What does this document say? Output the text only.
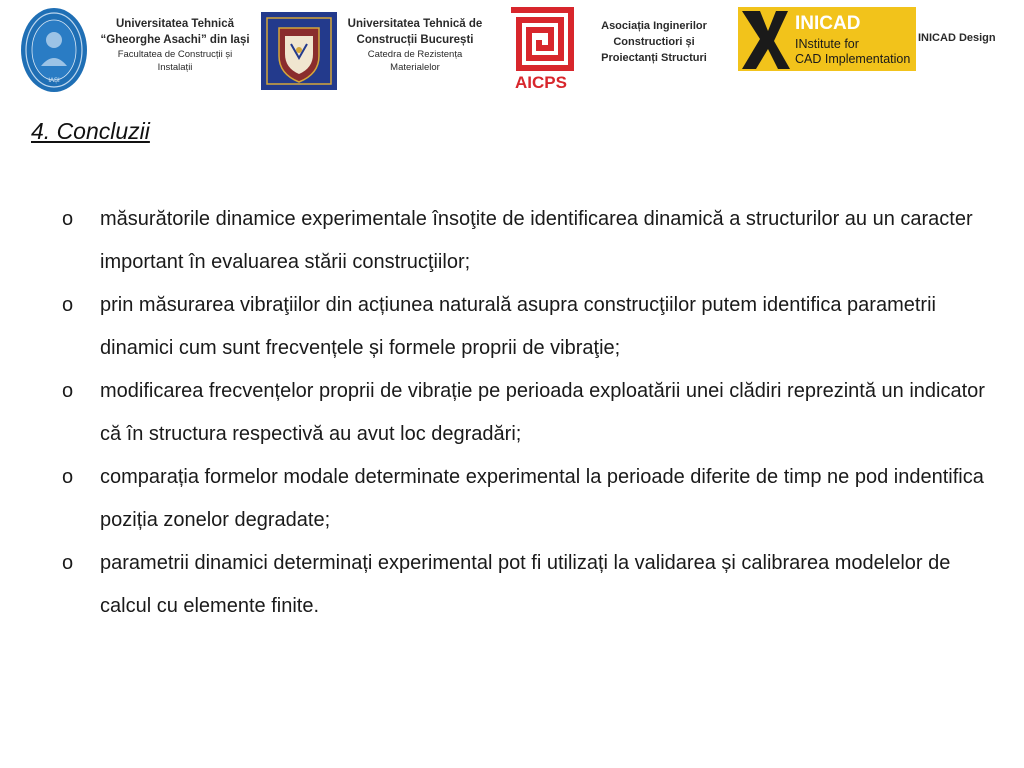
IAȘI
Universitatea Tehnică
“Gheorghe Asachi” din Iași
Facultatea de Construcții și
Instalații
Universitatea Tehnică de
Construcții București
Catedra de Rezistența
Materialelor
AICPS
Asociația Inginerilor
Constructiori și
Proiectanți Structuri
INICAD
INstitute for
CAD Implementation
INICAD Design
4. Concluzii
o măsurătorile dinamice experimentale însoţite de identificarea dinamică a structurilor au un caracter important în evaluarea stării construcţiilor;
o prin măsurarea vibraţiilor din acțiunea naturală asupra construcţiilor putem identifica parametrii dinamici cum sunt frecvențele și formele proprii de vibraţie;
o modificarea frecvențelor proprii de vibrație pe perioada exploatării unei clădiri reprezintă un indicator că în structura respectivă au avut loc degradări;
o comparația formelor modale determinate experimental la perioade diferite de timp ne pod indentifica poziția zonelor degradate;
o parametrii dinamici determinați experimental pot fi utilizați la validarea și calibrarea modelelor de calcul cu elemente finite.
